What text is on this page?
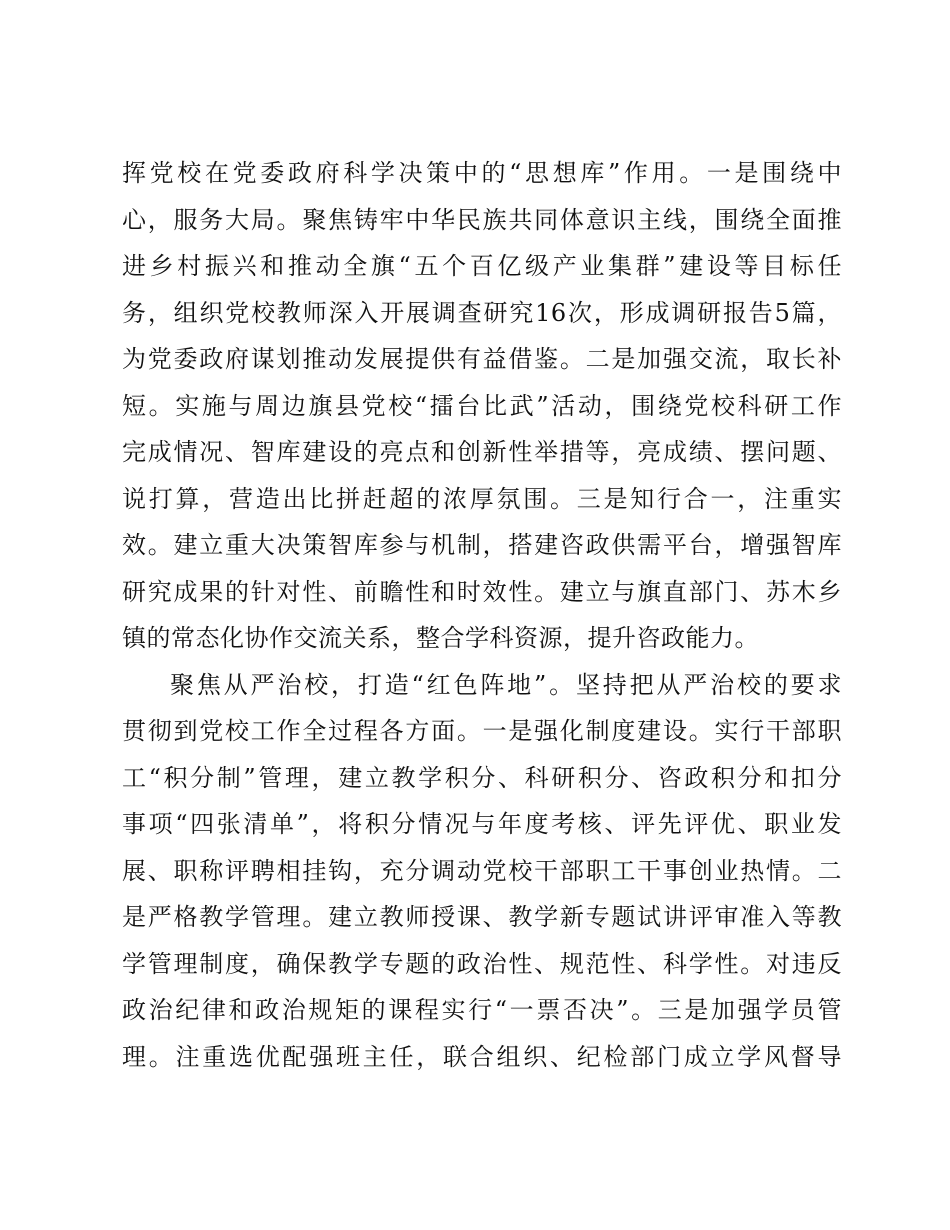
挥党校在党委政府科学决策中的“思想库”作用。一是围绕中
心，服务大局。聚焦铸牢中华民族共同体意识主线，围绕全面推
进乡村振兴和推动全旗“五个百亿级产业集群”建设等目标任
务，组织党校教师深入开展调查研究16次，形成调研报告5篇，
为党委政府谋划推动发展提供有益借鉴。二是加强交流，取长补
短。实施与周边旗县党校“擂台比武”活动，围绕党校科研工作
完成情况、智库建设的亮点和创新性举措等，亮成绩、摆问题、
说打算，营造出比拼赶超的浓厚氛围。三是知行合一，注重实
效。建立重大决策智库参与机制，搭建咨政供需平台，增强智库
研究成果的针对性、前瞻性和时效性。建立与旗直部门、苏木乡
镇的常态化协作交流关系，整合学科资源，提升咨政能力。
聚焦从严治校，打造“红色阵地”。坚持把从严治校的要求
贯彻到党校工作全过程各方面。一是强化制度建设。实行干部职
工“积分制”管理，建立教学积分、科研积分、咨政积分和扣分
事项“四张清单”，将积分情况与年度考核、评先评优、职业发
展、职称评聘相挂钩，充分调动党校干部职工干事创业热情。二
是严格教学管理。建立教师授课、教学新专题试讲评审准入等教
学管理制度，确保教学专题的政治性、规范性、科学性。对违反
政治纪律和政治规矩的课程实行“一票否决”。三是加强学员管
理。注重选优配强班主任，联合组织、纪检部门成立学风督导
